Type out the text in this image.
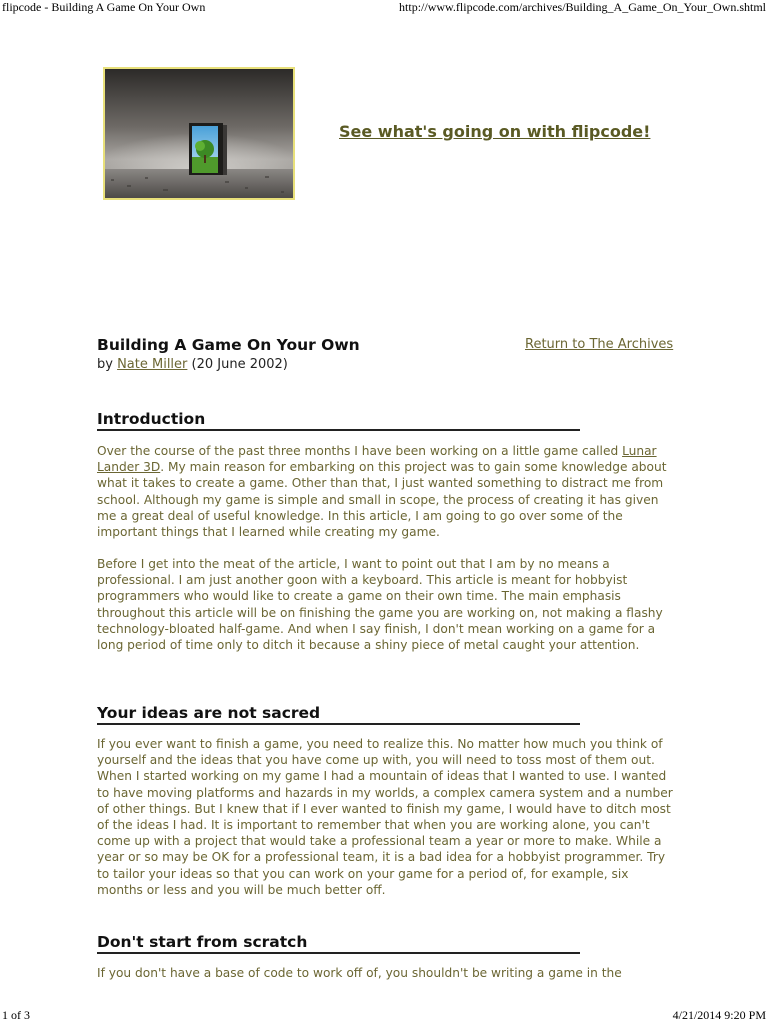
flipcode - Building A Game On Your Own	http://www.flipcode.com/archives/Building_A_Game_On_Your_Own.shtml
See what's going on with flipcode!
Building A Game On Your Own
by Nate Miller (20 June 2002)
Return to The Archives
Introduction

Over the course of the past three months I have been working on a little game called Lunar Lander 3D. My main reason for embarking on this project was to gain some knowledge about what it takes to create a game. Other than that, I just wanted something to distract me from school. Although my game is simple and small in scope, the process of creating it has given me a great deal of useful knowledge. In this article, I am going to go over some of the important things that I learned while creating my game.

Before I get into the meat of the article, I want to point out that I am by no means a professional. I am just another goon with a keyboard. This article is meant for hobbyist programmers who would like to create a game on their own time. The main emphasis throughout this article will be on finishing the game you are working on, not making a flashy technology-bloated half-game. And when I say finish, I don't mean working on a game for a long period of time only to ditch it because a shiny piece of metal caught your attention.

Your ideas are not sacred

If you ever want to finish a game, you need to realize this. No matter how much you think of yourself and the ideas that you have come up with, you will need to toss most of them out. When I started working on my game I had a mountain of ideas that I wanted to use. I wanted to have moving platforms and hazards in my worlds, a complex camera system and a number of other things. But I knew that if I ever wanted to finish my game, I would have to ditch most of the ideas I had. It is important to remember that when you are working alone, you can't come up with a project that would take a professional team a year or more to make. While a year or so may be OK for a professional team, it is a bad idea for a hobbyist programmer. Try to tailor your ideas so that you can work on your game for a period of, for example, six months or less and you will be much better off.

Don't start from scratch

If you don't have a base of code to work off of, you shouldn't be writing a game in the

1 of 3	4/21/2014 9:20 PM
